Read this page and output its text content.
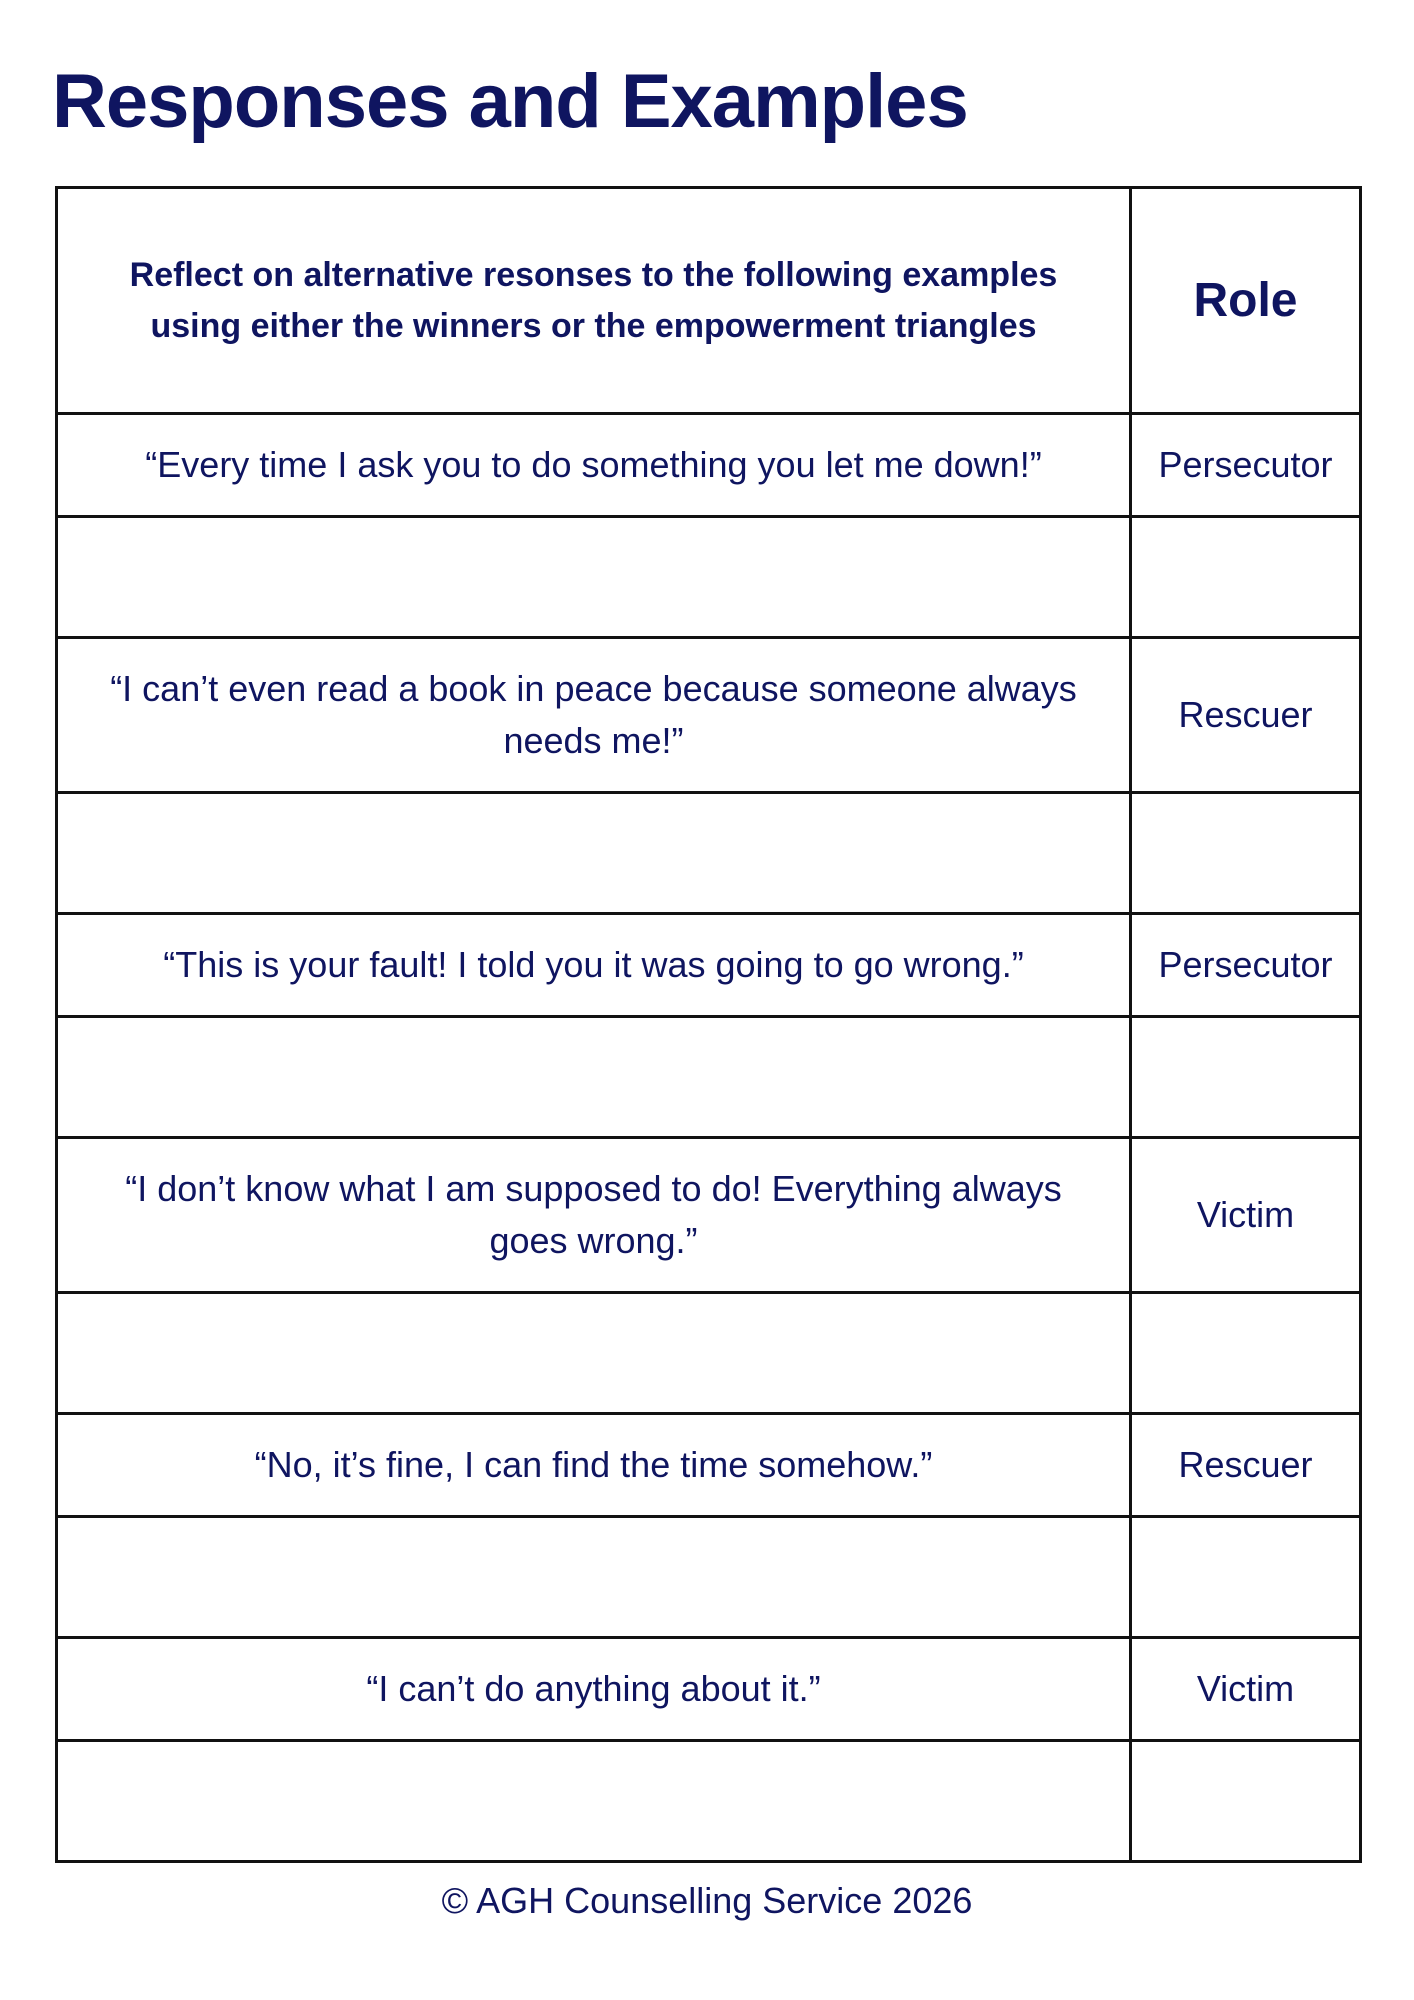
Responses and Examples
Reflect on alternative resonses to the following examples using either the winners or the empowerment triangles	Role
“Every time I ask you to do something you let me down!”	Persecutor

“I can’t even read a book in peace because someone always needs me!”	Rescuer

“This is your fault! I told you it was going to go wrong.”	Persecutor

“I don’t know what I am supposed to do! Everything always goes wrong.”	Victim

“No, it’s fine, I can find the time somehow.”	Rescuer

“I can’t do anything about it.”	Victim

© AGH Counselling Service 2026
